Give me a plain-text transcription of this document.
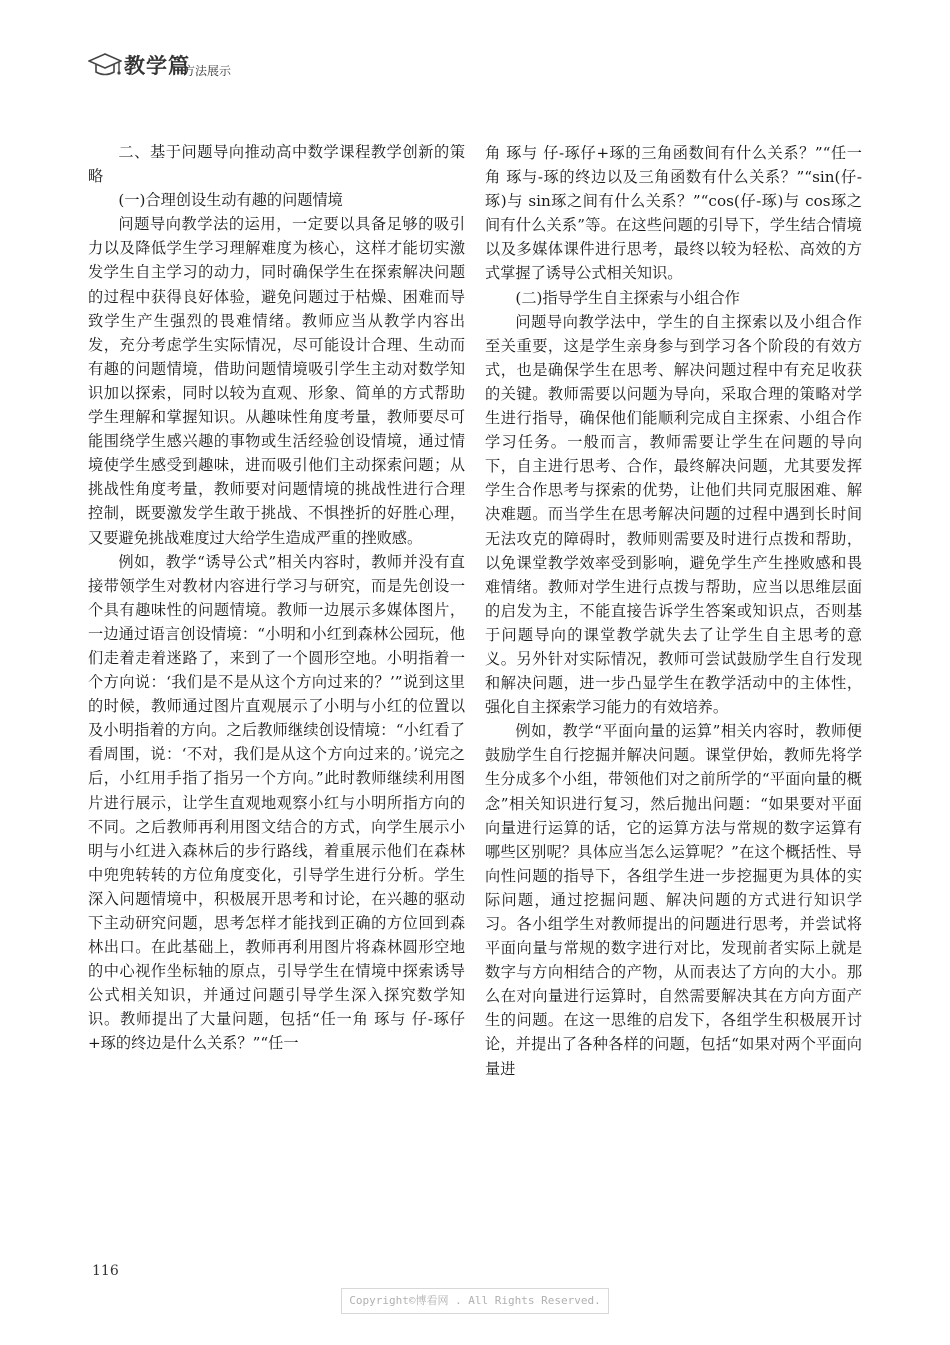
教学篇
方法展示

二、基于问题导向推动高中数学课程教学创新的策略

(一)合理创设生动有趣的问题情境

问题导向教学法的运用，一定要以具备足够的吸引力以及降低学生学习理解难度为核心，这样才能切实激发学生自主学习的动力，同时确保学生在探索解决问题的过程中获得良好体验，避免问题过于枯燥、困难而导致学生产生强烈的畏难情绪。教师应当从教学内容出发，充分考虑学生实际情况，尽可能设计合理、生动而有趣的问题情境，借助问题情境吸引学生主动对数学知识加以探索，同时以较为直观、形象、简单的方式帮助学生理解和掌握知识。从趣味性角度考量，教师要尽可能围绕学生感兴趣的事物或生活经验创设情境，通过情境使学生感受到趣味，进而吸引他们主动探索问题；从挑战性角度考量，教师要对问题情境的挑战性进行合理控制，既要激发学生敢于挑战、不惧挫折的好胜心理，又要避免挑战难度过大给学生造成严重的挫败感。

例如，教学“诱导公式”相关内容时，教师并没有直接带领学生对教材内容进行学习与研究，而是先创设一个具有趣味性的问题情境。教师一边展示多媒体图片，一边通过语言创设情境：“小明和小红到森林公园玩，他们走着走着迷路了，来到了一个圆形空地。小明指着一个方向说：‘我们是不是从这个方向过来的？’”说到这里的时候，教师通过图片直观展示了小明与小红的位置以及小明指着的方向。之后教师继续创设情境：“小红看了看周围，说：‘不对，我们是从这个方向过来的。’说完之后，小红用手指了指另一个方向。”此时教师继续利用图片进行展示，让学生直观地观察小红与小明所指方向的不同。之后教师再利用图文结合的方式，向学生展示小明与小红进入森林后的步行路线，着重展示他们在森林中兜兜转转的方位角度变化，引导学生进行分析。学生深入问题情境中，积极展开思考和讨论，在兴趣的驱动下主动研究问题，思考怎样才能找到正确的方位回到森林出口。在此基础上，教师再利用图片将森林圆形空地的中心视作坐标轴的原点，引导学生在情境中探索诱导公式相关知识，并通过问题引导学生深入探究数学知识。教师提出了大量问题，包括“任一角 琢与 仔-琢仔+琢的终边是什么关系？”“任一

角 琢与 仔-琢仔+琢的三角函数间有什么关系？”“任一角 琢与-琢的终边以及三角函数有什么关系？”“sin(仔-琢)与 sin琢之间有什么关系？”“cos(仔-琢)与 cos琢之间有什么关系”等。在这些问题的引导下，学生结合情境以及多媒体课件进行思考，最终以较为轻松、高效的方式掌握了诱导公式相关知识。

(二)指导学生自主探索与小组合作

问题导向教学法中，学生的自主探索以及小组合作至关重要，这是学生亲身参与到学习各个阶段的有效方式，也是确保学生在思考、解决问题过程中有充足收获的关键。教师需要以问题为导向，采取合理的策略对学生进行指导，确保他们能顺利完成自主探索、小组合作学习任务。一般而言，教师需要让学生在问题的导向下，自主进行思考、合作，最终解决问题，尤其要发挥学生合作思考与探索的优势，让他们共同克服困难、解决难题。而当学生在思考解决问题的过程中遇到长时间无法攻克的障碍时，教师则需要及时进行点拨和帮助，以免课堂教学效率受到影响，避免学生产生挫败感和畏难情绪。教师对学生进行点拨与帮助，应当以思维层面的启发为主，不能直接告诉学生答案或知识点，否则基于问题导向的课堂教学就失去了让学生自主思考的意义。另外针对实际情况，教师可尝试鼓励学生自行发现和解决问题，进一步凸显学生在教学活动中的主体性，强化自主探索学习能力的有效培养。

例如，教学“平面向量的运算”相关内容时，教师便鼓励学生自行挖掘并解决问题。课堂伊始，教师先将学生分成多个小组，带领他们对之前所学的“平面向量的概念”相关知识进行复习，然后抛出问题：“如果要对平面向量进行运算的话，它的运算方法与常规的数字运算有哪些区别呢？具体应当怎么运算呢？”在这个概括性、导向性问题的指导下，各组学生进一步挖掘更为具体的实际问题，通过挖掘问题、解决问题的方式进行知识学习。各小组学生对教师提出的问题进行思考，并尝试将平面向量与常规的数字进行对比，发现前者实际上就是数字与方向相结合的产物，从而表达了方向的大小。那么在对向量进行运算时，自然需要解决其在方向方面产生的问题。在这一思维的启发下，各组学生积极展开讨论，并提出了各种各样的问题，包括“如果对两个平面向量进

116
Copyright©博看网 . All Rights Reserved.
